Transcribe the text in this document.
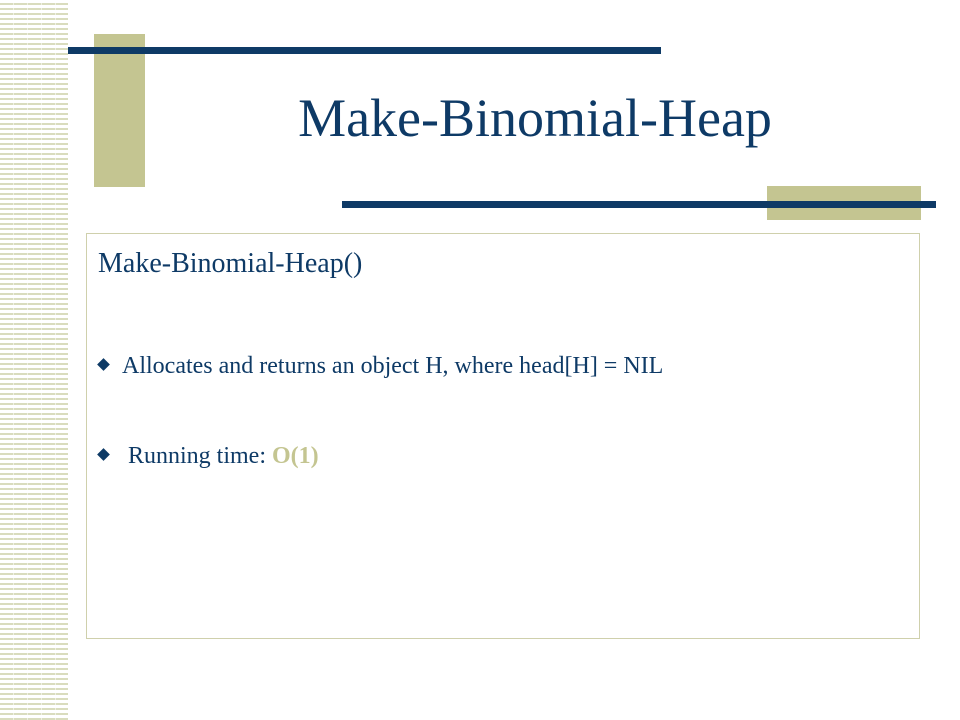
Make-Binomial-Heap
Make-Binomial-Heap()
Allocates and returns an object H, where head[H] = NIL
Running time: O(1)
